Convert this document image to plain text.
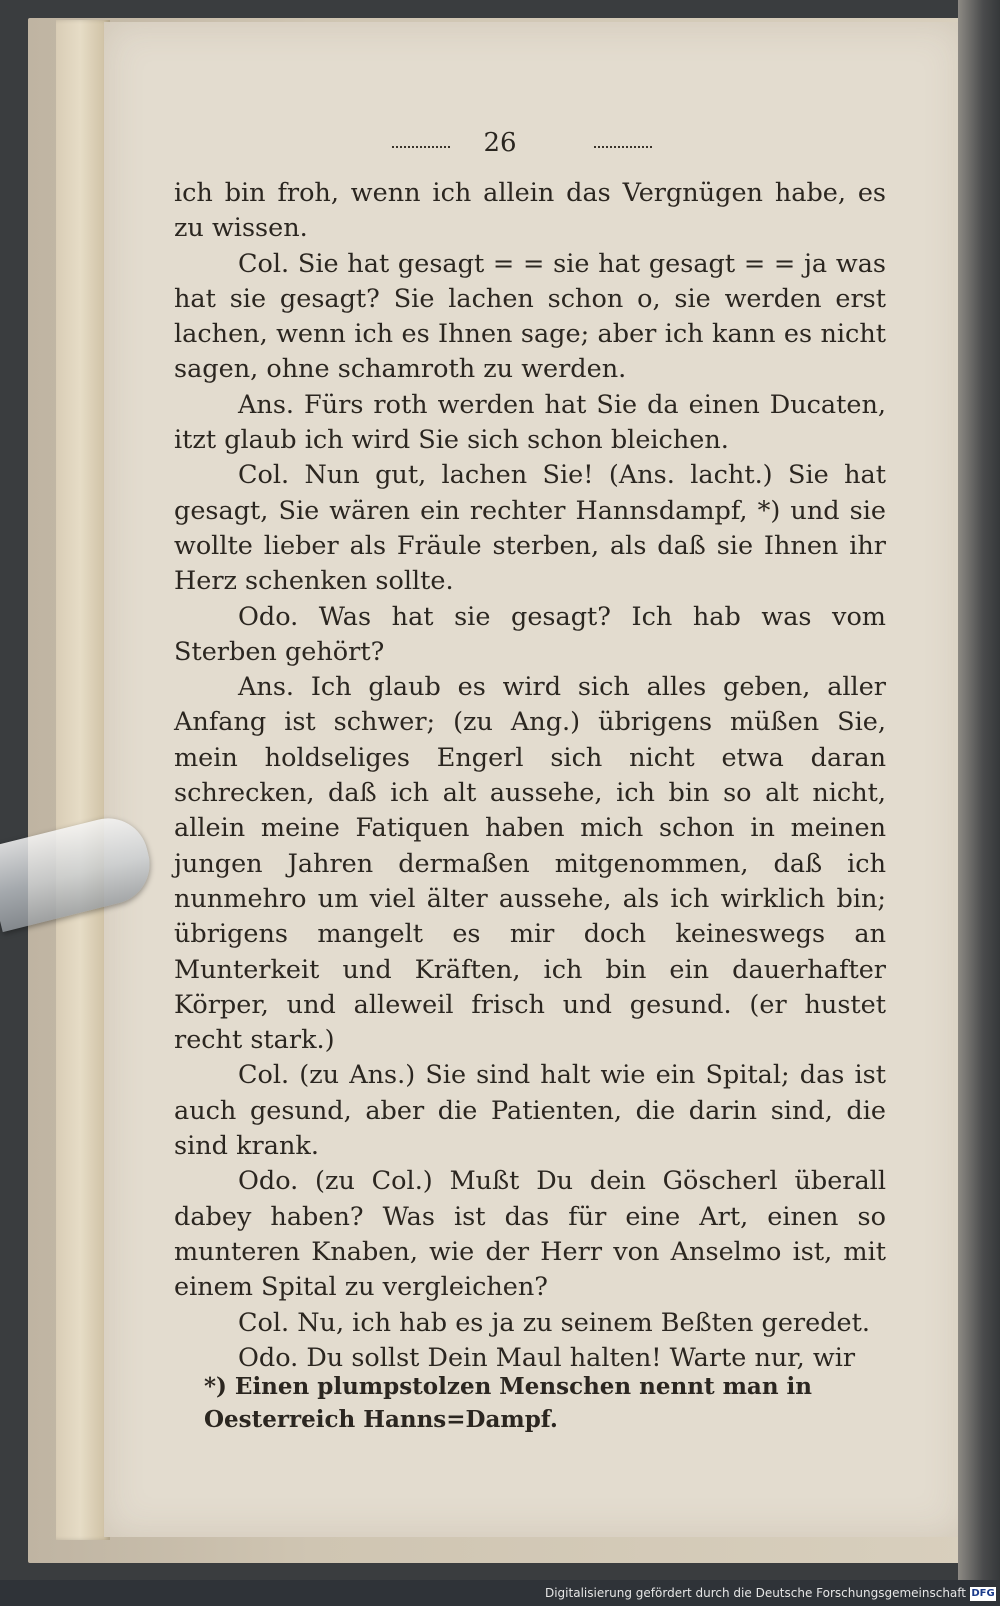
26

ich bin froh, wenn ich allein das Vergnügen habe, es zu wissen.

Col. Sie hat gesagt = = sie hat gesagt = = ja was hat sie gesagt? Sie lachen schon o, sie werden erst lachen, wenn ich es Ihnen sage; aber ich kann es nicht sagen, ohne schamroth zu werden.

Ans. Fürs roth werden hat Sie da einen Ducaten, itzt glaub ich wird Sie sich schon bleichen.

Col. Nun gut, lachen Sie! (Ans. lacht.) Sie hat gesagt, Sie wären ein rechter Hannsdampf, *) und sie wollte lieber als Fräule sterben, als daß sie Ihnen ihr Herz schenken sollte.

Odo. Was hat sie gesagt? Ich hab was vom Sterben gehört?

Ans. Ich glaub es wird sich alles geben, aller Anfang ist schwer; (zu Ang.) übrigens müßen Sie, mein holdseliges Engerl sich nicht etwa daran schrecken, daß ich alt aussehe, ich bin so alt nicht, allein meine Fatiquen haben mich schon in meinen jungen Jahren dermaßen mitgenommen, daß ich nunmehro um viel älter aussehe, als ich wirklich bin; übrigens mangelt es mir doch keineswegs an Munterkeit und Kräften, ich bin ein dauerhafter Körper, und alleweil frisch und gesund. (er hustet recht stark.)

Col. (zu Ans.) Sie sind halt wie ein Spital; das ist auch gesund, aber die Patienten, die darin sind, die sind krank.

Odo. (zu Col.) Mußt Du dein Göscherl überall dabey haben? Was ist das für eine Art, einen so munteren Knaben, wie der Herr von Anselmo ist, mit einem Spital zu vergleichen?

Col. Nu, ich hab es ja zu seinem Beßten geredet.

Odo. Du sollst Dein Maul halten! Warte nur, wir

*) Einen plumpstolzen Menschen nennt man in Oesterreich Hanns=Dampf.
Digitalisierung gefördert durch die Deutsche Forschungsgemeinschaft DFG
